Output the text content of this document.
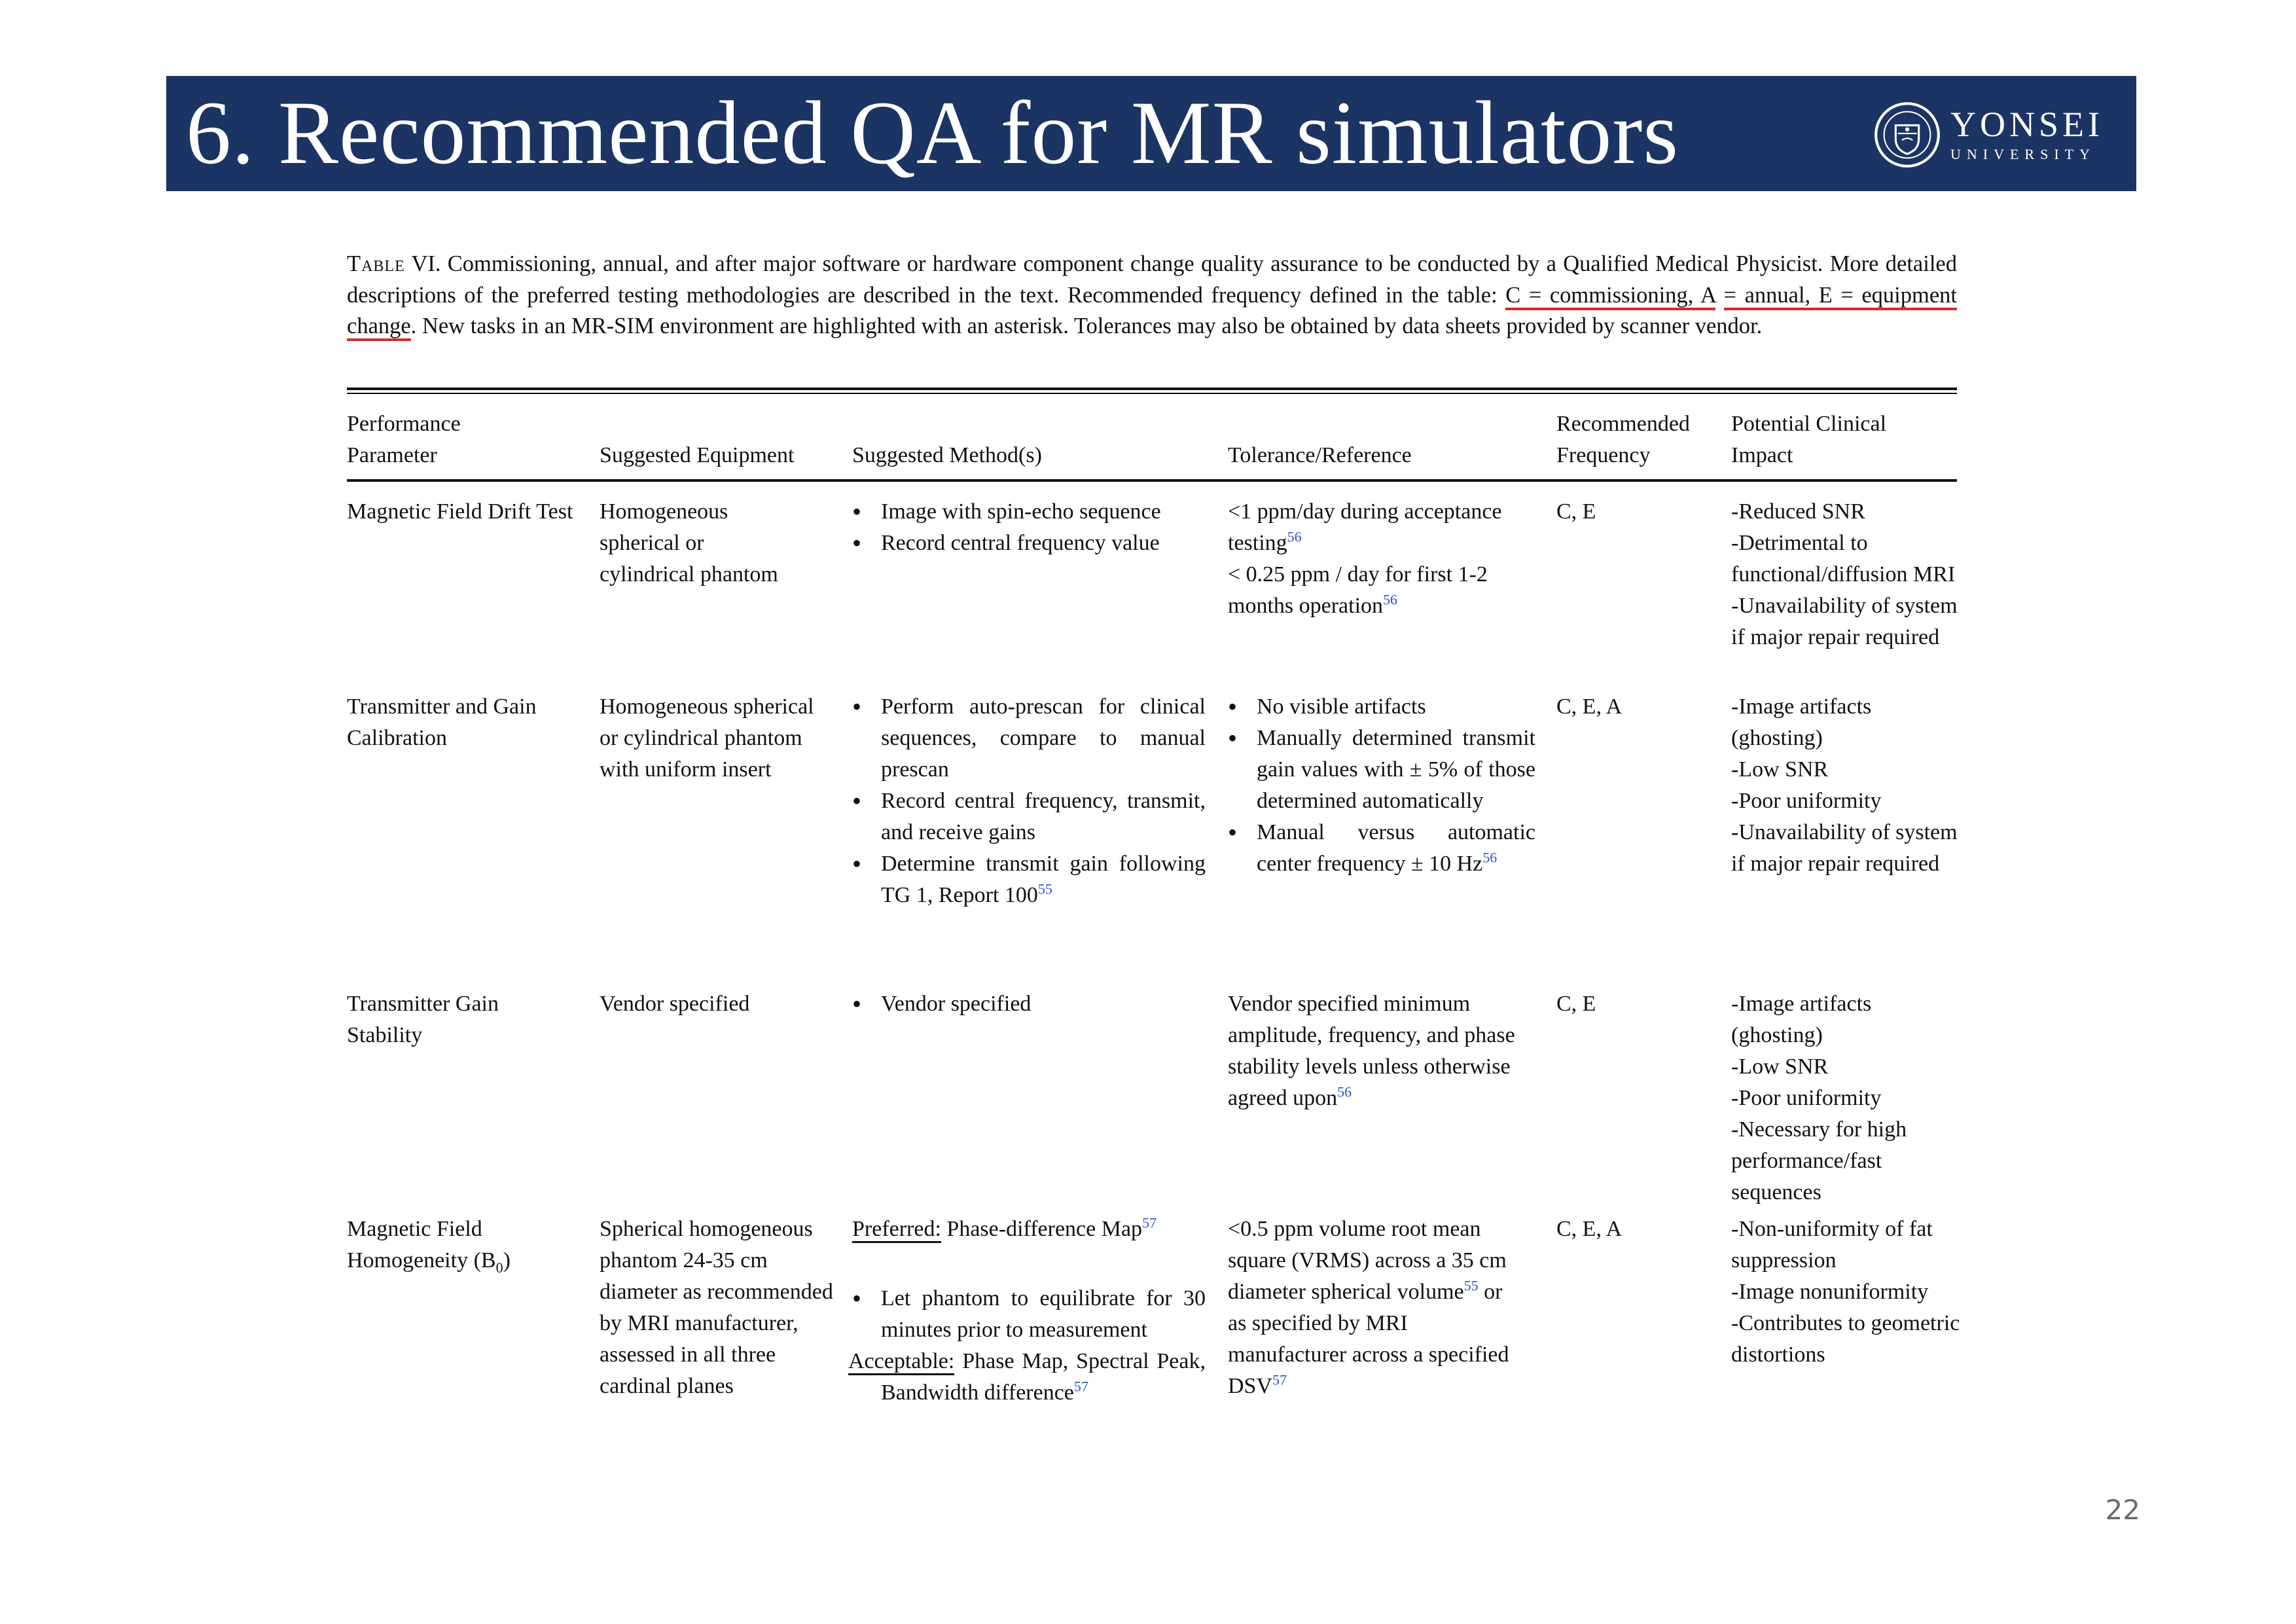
6. Recommended QA for MR simulators	YONSEI
UNIVERSITY
Table VI. Commissioning, annual, and after major software or hardware component change quality assurance to be conducted by a Qualified Medical Physicist. More detailed descriptions of the preferred testing methodologies are described in the text. Recommended frequency defined in the table: C = commissioning, A = annual, E = equipment change. New tasks in an MR-SIM environment are highlighted with an asterisk. Tolerances may also be obtained by data sheets provided by scanner vendor.
Performance
Parameter	Suggested Equipment	Suggested Method(s)	Tolerance/Reference
Recommended
Frequency
Potential Clinical
Impact
Magnetic Field Drift Test	Homogeneous spherical or cylindrical phantom
• Image with spin-echo sequence
• Record central frequency value
<1 ppm/day during acceptance testing$^{56}$
< 0.25 ppm / day for first 1-2 months operation$^{56}$
C, E	-Reduced SNR
-Detrimental to functional/diffusion MRI
-Unavailability of system if major repair required
Transmitter and Gain Calibration
Homogeneous spherical or cylindrical phantom with uniform insert
• Perform auto-prescan for clinical sequences, compare to manual prescan
• Record central frequency, transmit, and receive gains
• Determine transmit gain following TG 1, Report $100^{55}$
• No visible artifacts
• Manually determined transmit gain values with ± 5% of those determined automatically
• Manual versus automatic center frequency ± 10 Hz$^{56}$
C, E, A	-Image artifacts (ghosting)
-Low SNR
-Poor uniformity
-Unavailability of system if major repair required
Transmitter Gain Stability
Vendor specified
•	Vendor specified	Vendor specified minimum amplitude, frequency, and phase stability levels unless otherwise agreed upon$^{56}$
C, E	-Image artifacts (ghosting)
-Low SNR
-Poor uniformity
-Necessary for high performance/fast sequences
Magnetic Field Homogeneity $(B_0)$
Spherical homogeneous phantom 24-35 cm diameter as recommended by MRI manufacturer, assessed in all three cardinal planes
Preferred: Phase-difference Map$^{57}$
• Let phantom to equilibrate for 30 minutes prior to measurement
Acceptable: Phase Map, Spectral Peak, Bandwidth difference$^{57}$
<0.5 ppm volume root mean square (VRMS) across a 35 cm diameter spherical volume$^{55}$ or as specified by MRI manufacturer across a specified DSV$^{57}$
C, E, A	-Non-uniformity of fat suppression
-Image nonuniformity
-Contributes to geometric distortions
22
